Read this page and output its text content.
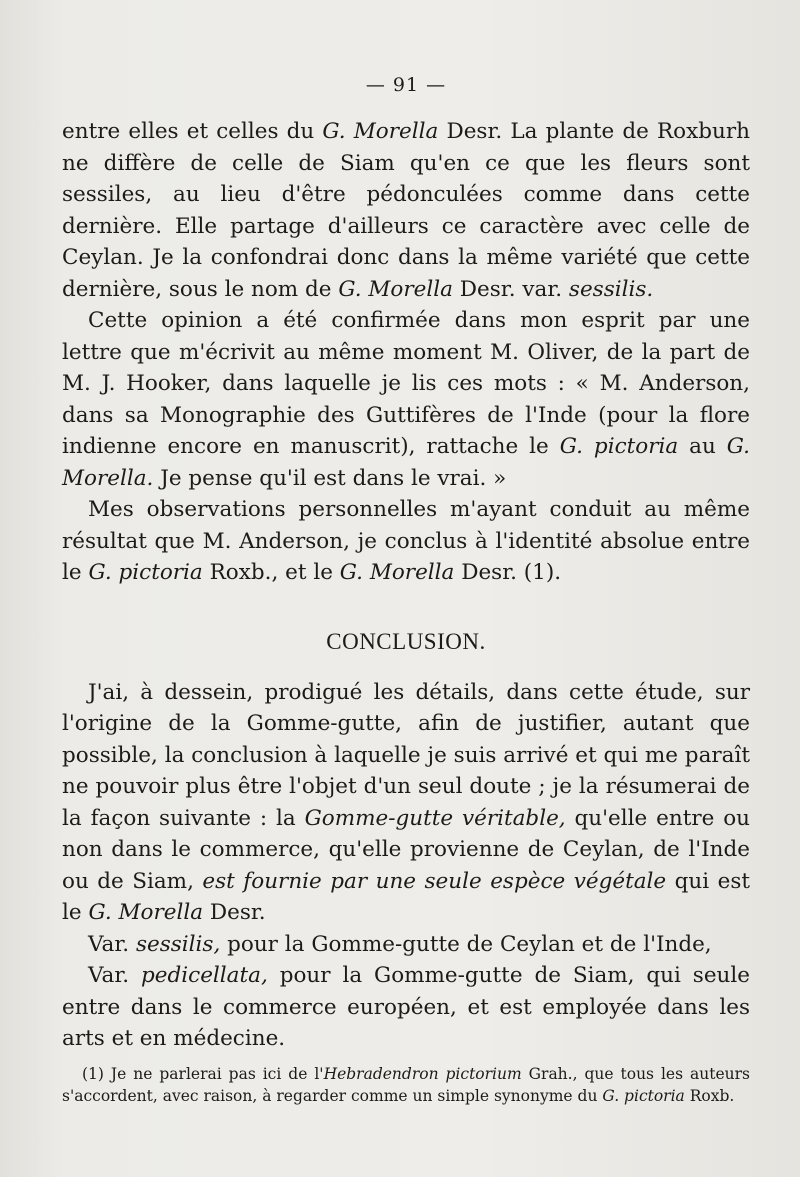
— 91 —

entre elles et celles du G. Morella Desr. La plante de Roxburh ne diffère de celle de Siam qu'en ce que les fleurs sont sessiles, au lieu d'être pédonculées comme dans cette dernière. Elle partage d'ailleurs ce caractère avec celle de Ceylan. Je la confondrai donc dans la même variété que cette dernière, sous le nom de G. Morella Desr. var. sessilis.

Cette opinion a été confirmée dans mon esprit par une lettre que m'écrivit au même moment M. Oliver, de la part de M. J. Hooker, dans laquelle je lis ces mots : « M. Anderson, dans sa Monographie des Guttifères de l'Inde (pour la flore indienne encore en manuscrit), rattache le G. pictoria au G. Morella. Je pense qu'il est dans le vrai. »

Mes observations personnelles m'ayant conduit au même résultat que M. Anderson, je conclus à l'identité absolue entre le G. pictoria Roxb., et le G. Morella Desr. (1).

CONCLUSION.

J'ai, à dessein, prodigué les détails, dans cette étude, sur l'origine de la Gomme-gutte, afin de justifier, autant que possible, la conclusion à laquelle je suis arrivé et qui me paraît ne pouvoir plus être l'objet d'un seul doute ; je la résumerai de la façon suivante : la Gomme-gutte véritable, qu'elle entre ou non dans le commerce, qu'elle provienne de Ceylan, de l'Inde ou de Siam, est fournie par une seule espèce végétale qui est le G. Morella Desr.

Var. sessilis, pour la Gomme-gutte de Ceylan et de l'Inde,

Var. pedicellata, pour la Gomme-gutte de Siam, qui seule entre dans le commerce européen, et est employée dans les arts et en médecine.

(1) Je ne parlerai pas ici de l'Hebradendron pictorium Grah., que tous les auteurs s'accordent, avec raison, à regarder comme un simple synonyme du G. pictoria Roxb.
